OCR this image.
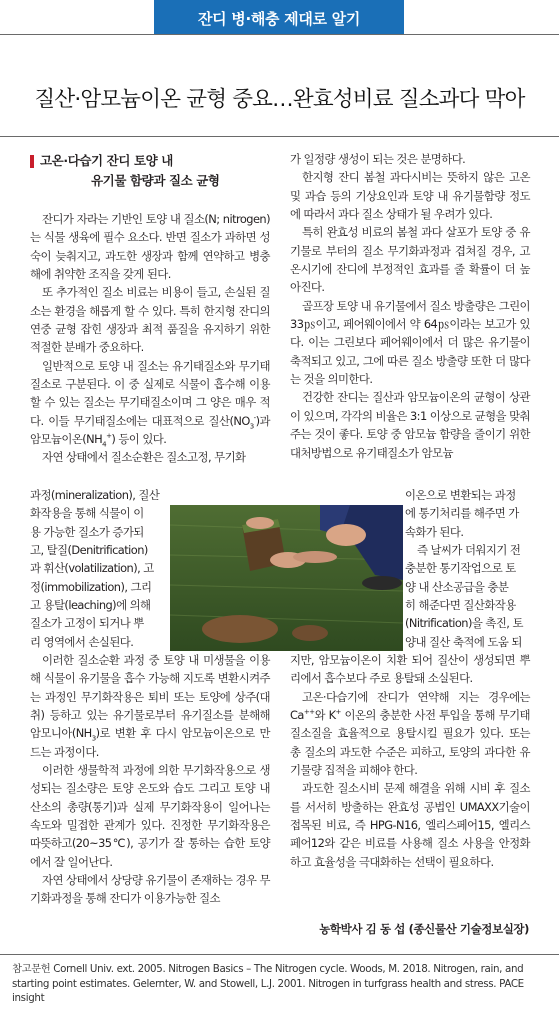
잔디 병·해충 제대로 알기
질산·암모늄이온 균형 중요…완효성비료 질소과다 막아
고온·다습기 잔디 토양 내
유기물 함량과 질소 균형

잔디가 자라는 기반인 토양 내 질소(N; nitrogen)는 식물 생육에 필수 요소다. 반면 질소가 과하면 성숙이 늦춰지고, 과도한 생장과 함께 연약하고 병충해에 취약한 조직을 갖게 된다.

또 추가적인 질소 비료는 비용이 들고, 손실된 질소는 환경을 해롭게 할 수 있다. 특히 한지형 잔디의 연중 균형 잡힌 생장과 최적 품질을 유지하기 위한 적절한 분배가 중요하다.

일반적으로 토양 내 질소는 유기태질소와 무기태질소로 구분된다. 이 중 실제로 식물이 흡수해 이용할 수 있는 질소는 무기태질소이며 그 양은 매우 적다. 이들 무기태질소에는 대표적으로 질산$(NO_3^-)$과 암모늄이온$(NH_4^+)$ 등이 있다.

자연 상태에서 질소순환은 질소고정, 무기화

과정(mineralization), 질산
화작용을 통해 식물이 이
용 가능한 질소가 증가되
고, 탈질(Denitrification)
과 휘산(volatilization), 고
정(immobilization), 그리
고 용탈(leaching)에 의해
질소가 고정이 되거나 뿌
리 영역에서 손실된다.

이러한 질소순환 과정 중 토양 내 미생물을 이용해 식물이 유기물을 흡수 가능해 지도록 변환시켜주는 과정인 무기화작용은 퇴비 또는 토양에 상주(대취) 등하고 있는 유기물로부터 유기질소를 분해해 암모니아$(NH_3)$로 변환 후 다시 암모늄이온으로 만드는 과정이다.

이러한 생물학적 과정에 의한 무기화작용으로 생성되는 질소량은 토양 온도와 습도 그리고 토양 내 산소의 총량(통기)과 실제 무기화작용이 일어나는 속도와 밀접한 관계가 있다. 진정한 무기화작용은 따뜻하고(20~35℃), 공기가 잘 통하는 습한 토양에서 잘 일어난다.

자연 상태에서 상당량 유기물이 존재하는 경우 무기화과정을 통해 잔디가 이용가능한 질소

가 일정량 생성이 되는 것은 분명하다.

한지형 잔디 봄철 과다시비는 뜻하지 않은 고온 및 과습 등의 기상요인과 토양 내 유기물함량 정도에 따라서 과다 질소 상태가 될 우려가 있다.

특히 완효성 비료의 봄철 과다 살포가 토양 중 유기물로 부터의 질소 무기화과정과 겹쳐질 경우, 고온시기에 잔디에 부정적인 효과를 줄 확률이 더 높아진다.

골프장 토양 내 유기물에서 질소 방출량은 그린이 33㎰이고, 페어웨이에서 약 64㎰이라는 보고가 있다. 이는 그린보다 페어웨이에서 더 많은 유기물이 축적되고 있고, 그에 따른 질소 방출량 또한 더 많다는 것을 의미한다.

건강한 잔디는 질산과 암모늄이온의 균형이 상관이 있으며, 각각의 비율은 3:1 이상으로 균형을 맞춰주는 것이 좋다. 토양 중 암모늄 함량을 줄이기 위한 대처방법으로 유기태질소가 암모늄

이온으로 변환되는 과정
에 통기처리를 해주면 가
속화가 된다.
즉 날씨가 더워지기 전
충분한 통기작업으로 토
양 내 산소공급을 충분
히 해준다면 질산화작용
(Nitrification)을 촉진, 토
양내 질산 축적에 도움 되

지만, 암모늄이온이 치환 되어 질산이 생성되면 뿌리에서 흡수보다 주로 용탈돼 소실된다.

고온·다습기에 잔디가 연약해 지는 경우에는 Ca++와 K+ 이온의 충분한 사전 투입을 통해 무기태 질소질을 효율적으로 용탈시킬 필요가 있다. 또는 총 질소의 과도한 수준은 피하고, 토양의 과다한 유기물량 집적을 피해야 한다.

과도한 질소시비 문제 해결을 위해 시비 후 질소를 서서히 방출하는 완효성 공법인 UMAXX기술이 접목된 비료, 즉 HPG-N16, 엘리스페어15, 엘리스페어12와 같은 비료를 사용해 질소 사용을 안정화하고 효율성을 극대화하는 선택이 필요하다.

농학박사 김 동 섭 (종신물산 기술정보실장)
참고문헌 Cornell Univ. ext. 2005. Nitrogen Basics – The Nitrogen cycle. Woods, M. 2018. Nitrogen, rain, and starting point estimates. Gelernter, W. and Stowell, L.J. 2001. Nitrogen in turfgrass health and stress. PACE insight
